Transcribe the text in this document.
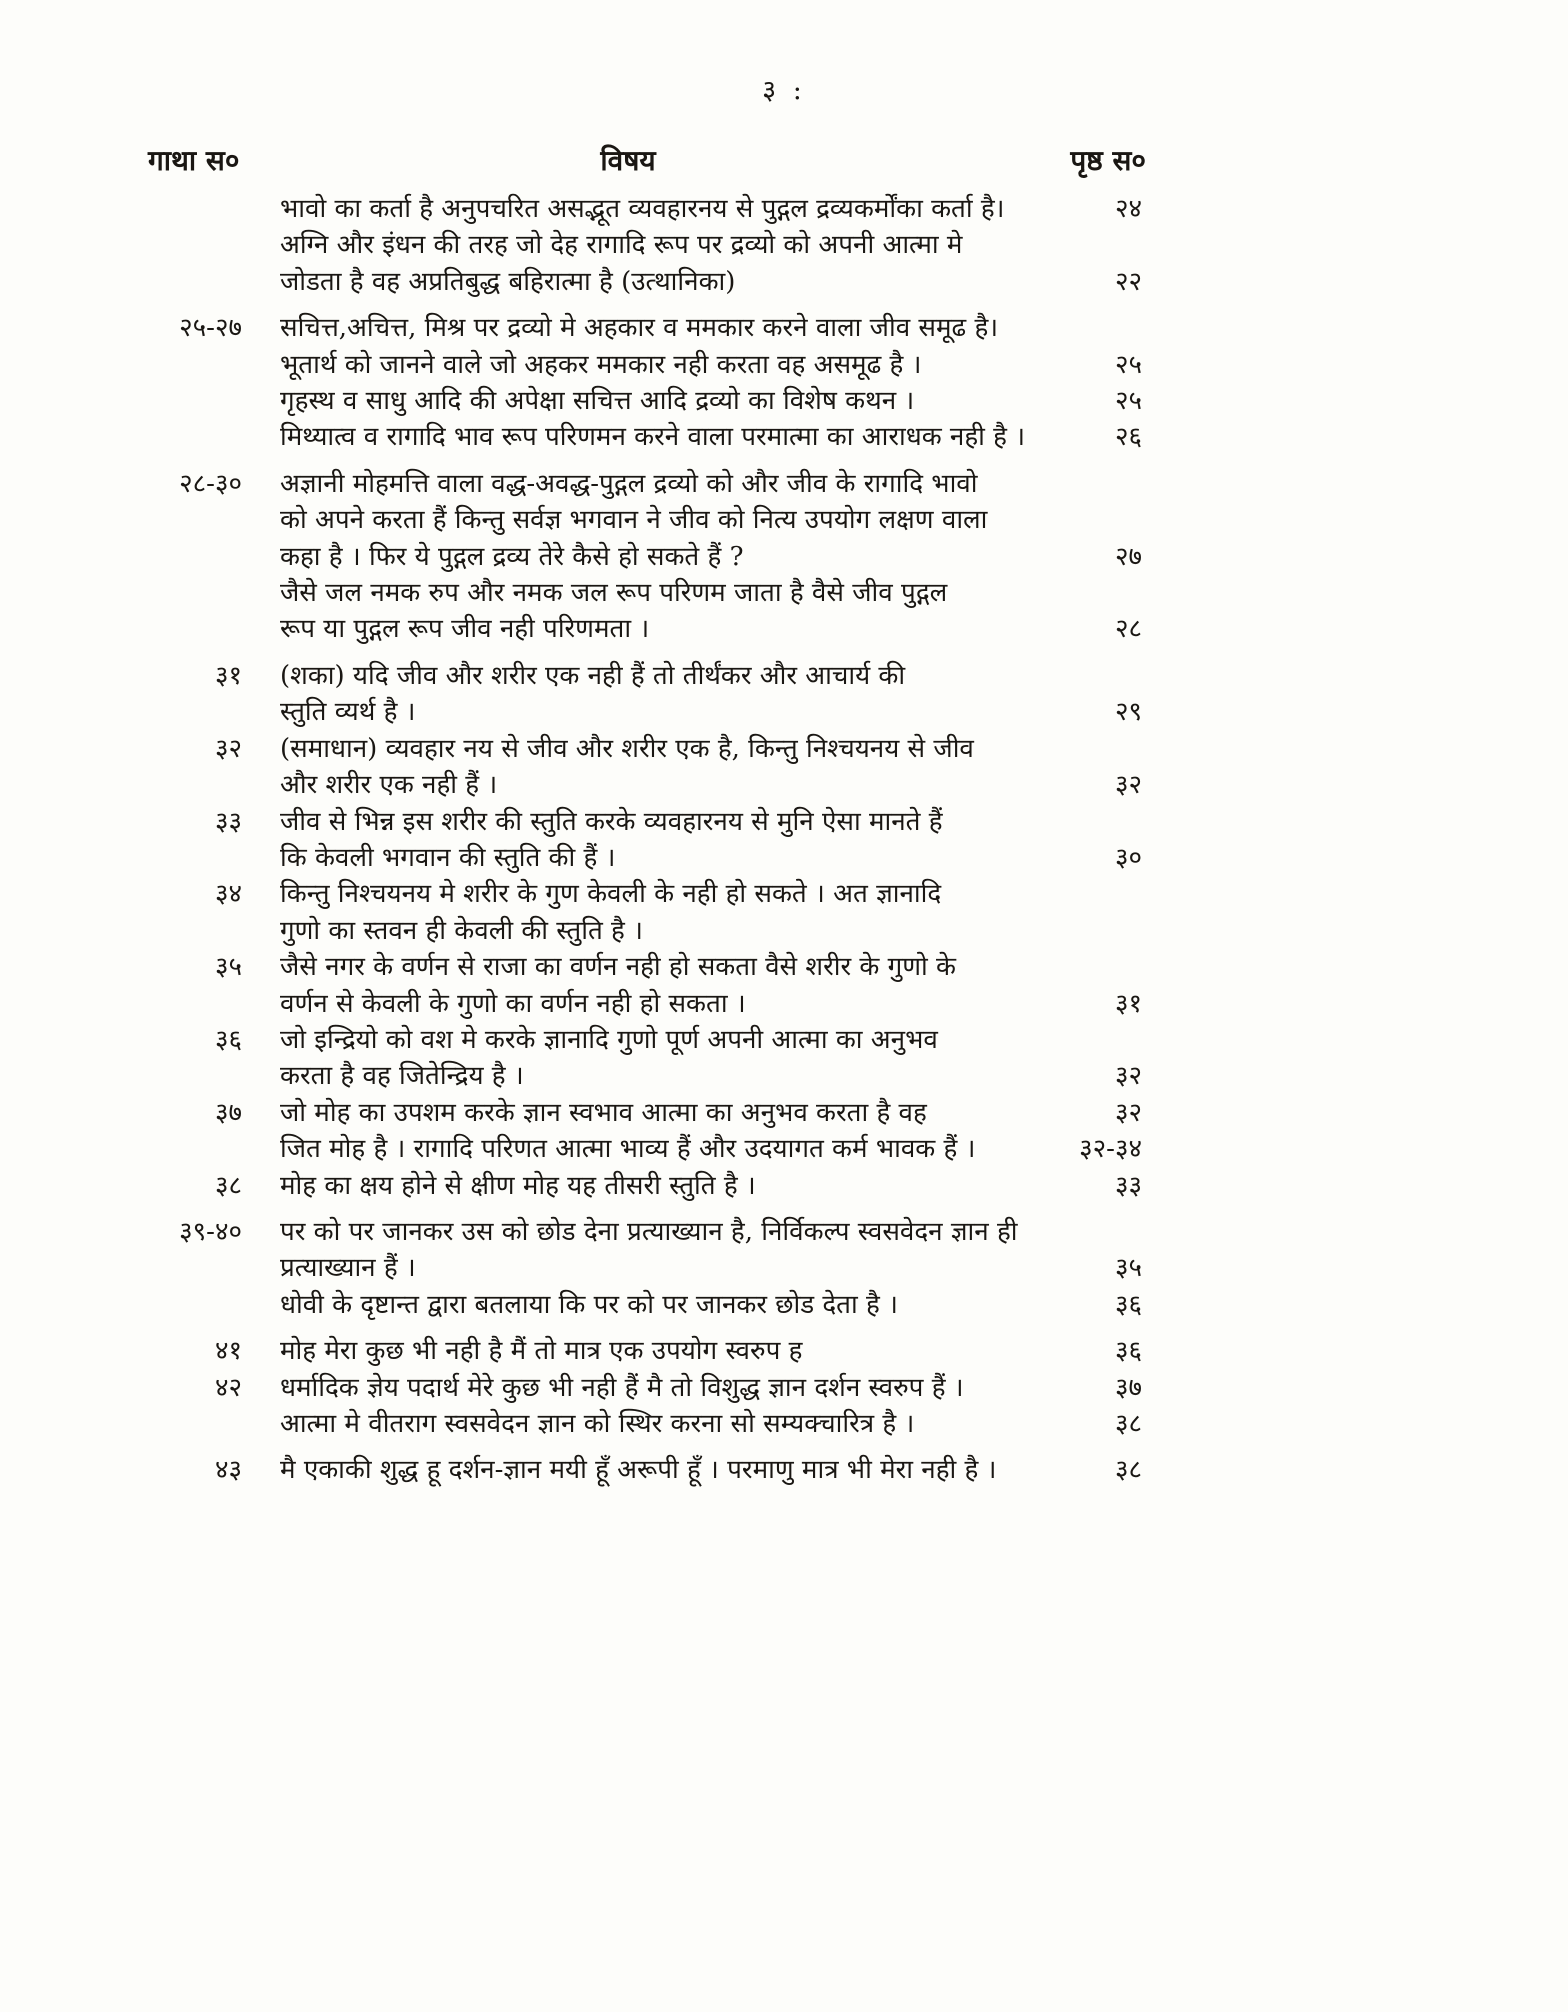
३ :
गाथा स०	विषय	पृष्ठ स०
भावो का कर्ता है अनुपचरित असद्भूत व्यवहारनय से पुद्गल द्रव्यकर्मोंका कर्ता है।	२४
अग्नि और इंधन की तरह जो देह रागादि रूप पर द्रव्यो को अपनी आत्मा मे
जोडता है वह अप्रतिबुद्ध बहिरात्मा है (उत्थानिका)	२२
२५-२७	सचित्त,अचित्त, मिश्र पर द्रव्यो मे अहकार व ममकार करने वाला जीव समूढ है।
भूतार्थ को जानने वाले जो अहकर ममकार नही करता वह असमूढ है ।	२५
गृहस्थ व साधु आदि की अपेक्षा सचित्त आदि द्रव्यो का विशेष कथन ।	२५
मिथ्यात्व व रागादि भाव रूप परिणमन करने वाला परमात्मा का आराधक नही है ।	२६
२८-३०	अज्ञानी मोहमत्ति वाला वद्ध-अवद्ध-पुद्गल द्रव्यो को और जीव के रागादि भावो
को अपने करता हैं किन्तु सर्वज्ञ भगवान ने जीव को नित्य उपयोग लक्षण वाला
कहा है । फिर ये पुद्गल द्रव्य तेरे कैसे हो सकते हैं ?	२७
जैसे जल नमक रुप और नमक जल रूप परिणम जाता है वैसे जीव पुद्गल
रूप या पुद्गल रूप जीव नही परिणमता ।	२८
३१	(शका) यदि जीव और शरीर एक नही हैं तो तीर्थंकर और आचार्य की
स्तुति व्यर्थ है ।	२९
३२	(समाधान) व्यवहार नय से जीव और शरीर एक है, किन्तु निश्चयनय से जीव
और शरीर एक नही हैं ।	३२
३३	जीव से भिन्न इस शरीर की स्तुति करके व्यवहारनय से मुनि ऐसा मानते हैं
कि केवली भगवान की स्तुति की हैं ।	३०
३४	किन्तु निश्चयनय मे शरीर के गुण केवली के नही हो सकते । अत ज्ञानादि
गुणो का स्तवन ही केवली की स्तुति है ।
३५	जैसे नगर के वर्णन से राजा का वर्णन नही हो सकता वैसे शरीर के गुणो के
वर्णन से केवली के गुणो का वर्णन नही हो सकता ।	३१
३६	जो इन्द्रियो को वश मे करके ज्ञानादि गुणो पूर्ण अपनी आत्मा का अनुभव
करता है वह जितेन्द्रिय है ।	३२
३७	जो मोह का उपशम करके ज्ञान स्वभाव आत्मा का अनुभव करता है वह	३२
जित मोह है । रागादि परिणत आत्मा भाव्य हैं और उदयागत कर्म भावक हैं ।	३२-३४
३८	मोह का क्षय होने से क्षीण मोह यह तीसरी स्तुति है ।	३३
३९-४०	पर को पर जानकर उस को छोड देना प्रत्याख्यान है, निर्विकल्प स्वसवेदन ज्ञान ही
प्रत्याख्यान हैं ।	३५
धोवी के दृष्टान्त द्वारा बतलाया कि पर को पर जानकर छोड देता है ।	३६
४१	मोह मेरा कुछ भी नही है मैं तो मात्र एक उपयोग स्वरुप ह	३६
४२	धर्मादिक ज्ञेय पदार्थ मेरे कुछ भी नही हैं मै तो विशुद्ध ज्ञान दर्शन स्वरुप हैं ।	३७
आत्मा मे वीतराग स्वसवेदन ज्ञान को स्थिर करना सो सम्यक्चारित्र है ।	३८
४३	मै एकाकी शुद्ध हू दर्शन-ज्ञान मयी हूँ अरूपी हूँ । परमाणु मात्र भी मेरा नही है ।	३८
